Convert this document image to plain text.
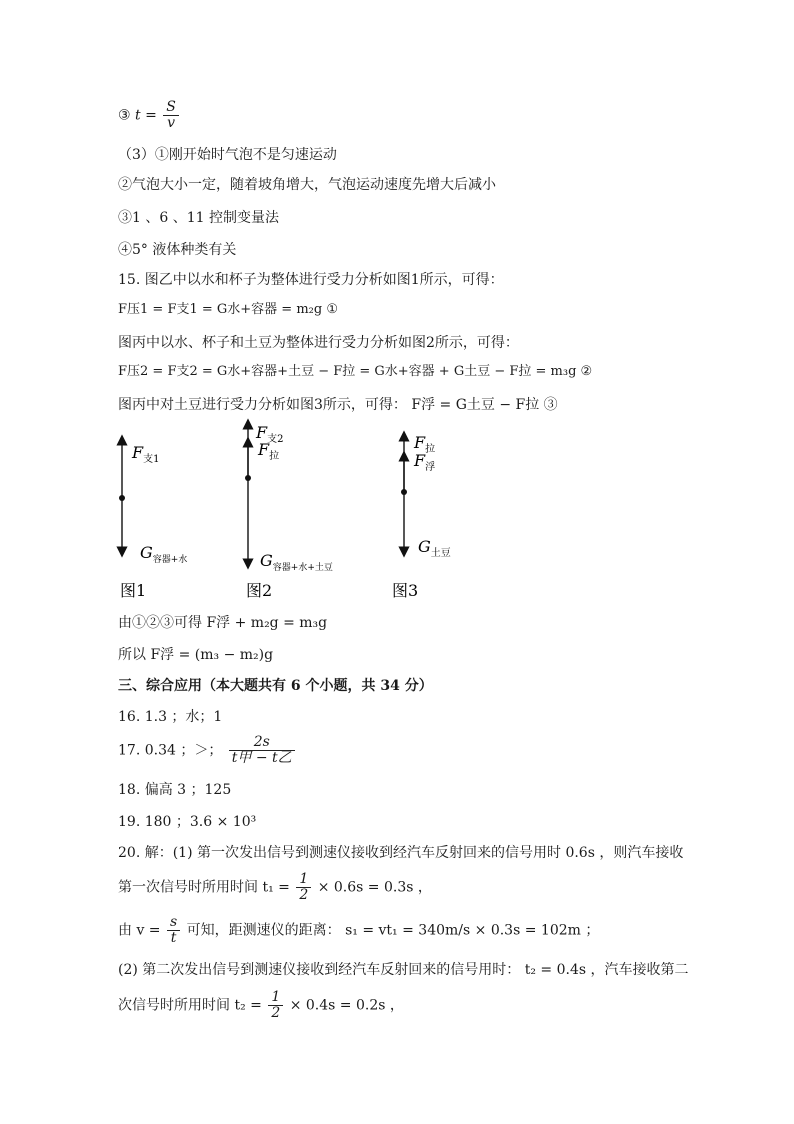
③ $t = \frac{S}{v}$
（3）①刚开始时气泡不是匀速运动
②气泡大小一定，随着坡角增大，气泡运动速度先增大后减小
③1 、6 、11 控制变量法
④5° 液体种类有关
15. 图乙中以水和杯子为整体进行受力分析如图1所示，可得：
F压1 = F支1 = G水+容器 = m₂g ①
图丙中以水、杯子和土豆为整体进行受力分析如图2所示，可得：
F压2 = F支2 = G水+容器+土豆 − F拉 = G水+容器 + G土豆 − F拉 = m₃g ②
图丙中对土豆进行受力分析如图3所示，可得： F浮 = G土豆 − F拉 ③
$F_{支1}$
$G_{容器+水}$
图1
$F_{支2}$
$F_拉$
$G_{容器+水+土豆}$
图2
$F_拉$
$F_浮$
$G_{土豆}$
图3
由①②③可得 F浮 + m₂g = m₃g
所以 F浮 = (m₃ − m₂)g
三、综合应用（本大题共有 6 个小题，共 34 分）
16. 1.3 ；水；1
17. 0.34 ；＞； $\frac{2s}{\text{t甲 − t乙}}$
18. 偏高 3 ；125
19. 180 ；3.6 × 10³
20. 解：(1) 第一次发出信号到测速仪接收到经汽车反射回来的信号用时 0.6s ，则汽车接收
第一次信号时所用时间 $t_1 = \frac{1}{2} \times 0.6s = 0.3s$ ，
由 $v = \frac{s}{t}$ 可知，距测速仪的距离： s₁ = vt₁ = 340m/s × 0.3s = 102m ；
(2) 第二次发出信号到测速仪接收到经汽车反射回来的信号用时： t₂ = 0.4s ，汽车接收第二
次信号时所用时间 $t_2 = \frac{1}{2} \times 0.4s = 0.2s$ ，
